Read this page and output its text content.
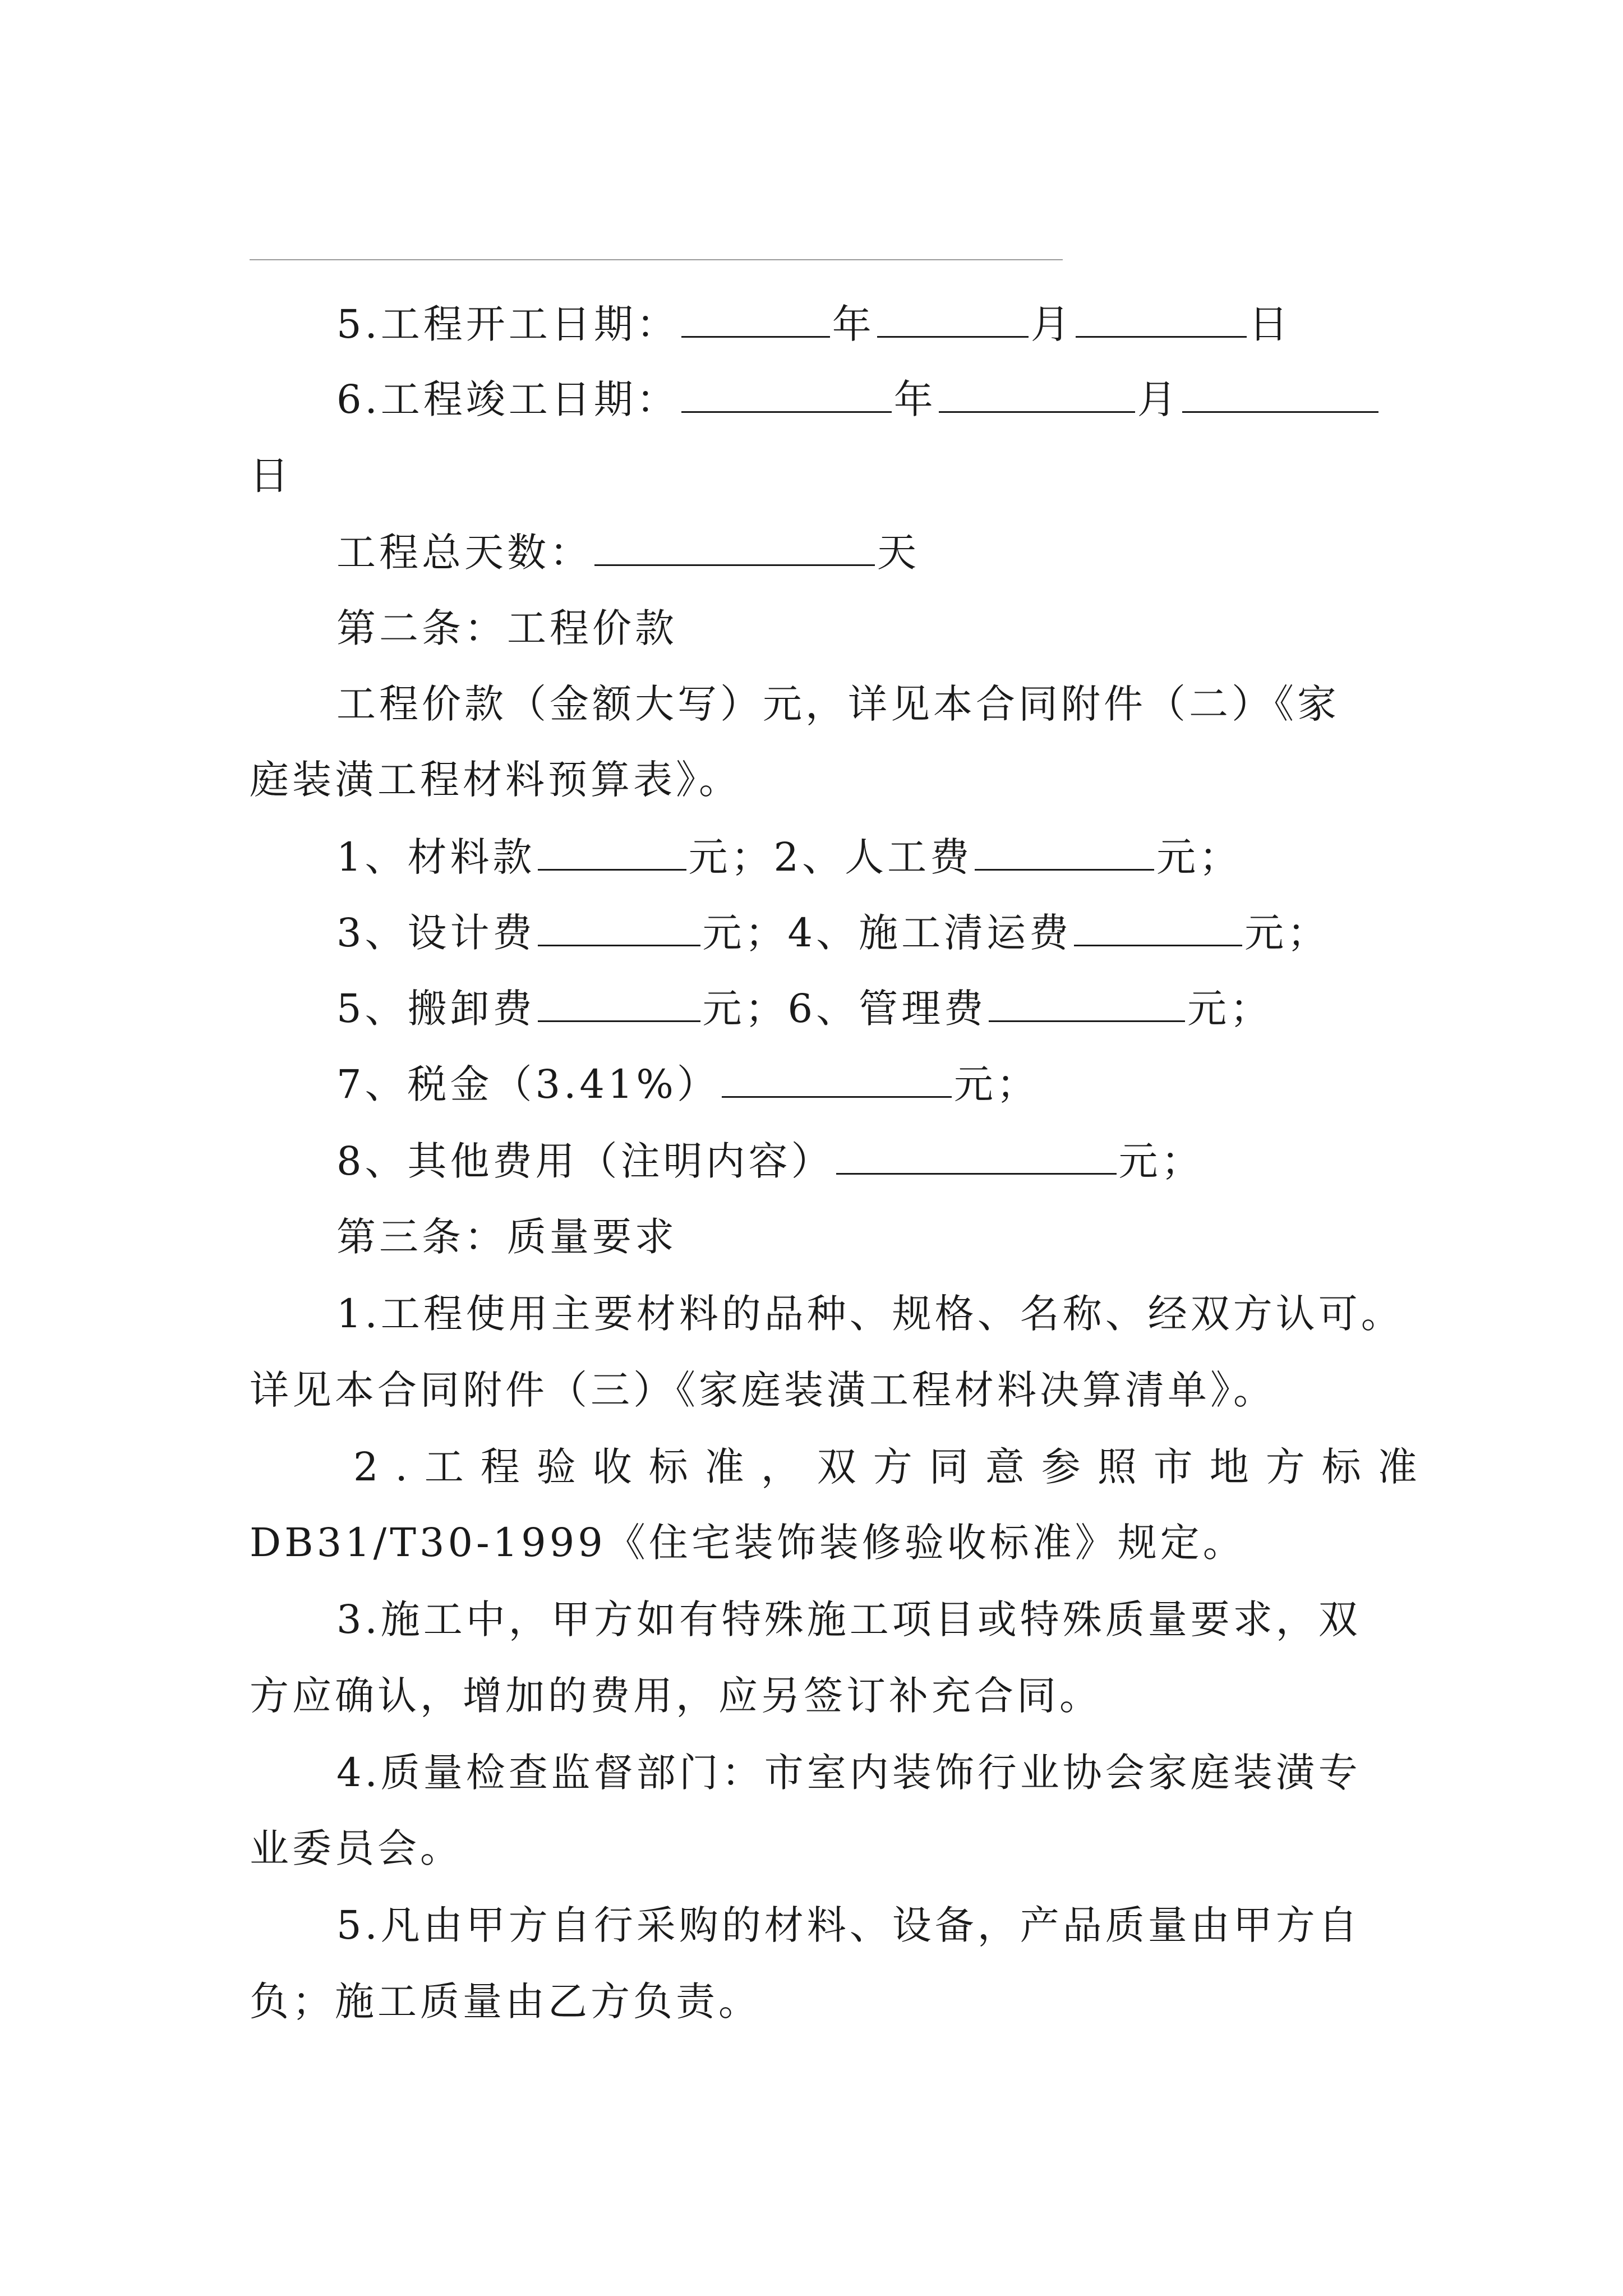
5.工程开工日期：	年	月	日
6.工程竣工日期：	年	月
日
工程总天数：	天
第二条：工程价款
工程价款（金额大写）元，详见本合同附件（二）《家
庭装潢工程材料预算表》。
1、材料款	元；2、人工费	元；
3、设计费	元；4、施工清运费	元；
5、搬卸费	元；6、管理费	元；
7、税金（3.41%）	元；
8、其他费用（注明内容）	元；
第三条：质量要求
1.工程使用主要材料的品种、规格、名称、经双方认可。
详见本合同附件（三）《家庭装潢工程材料决算清单》。
2.工程验收标准，双方同意参照市地方标准
DB31/T30-1999《住宅装饰装修验收标准》规定。
3.施工中，甲方如有特殊施工项目或特殊质量要求，双
方应确认，增加的费用，应另签订补充合同。
4.质量检查监督部门：市室内装饰行业协会家庭装潢专
业委员会。
5.凡由甲方自行采购的材料、设备，产品质量由甲方自
负；施工质量由乙方负责。
